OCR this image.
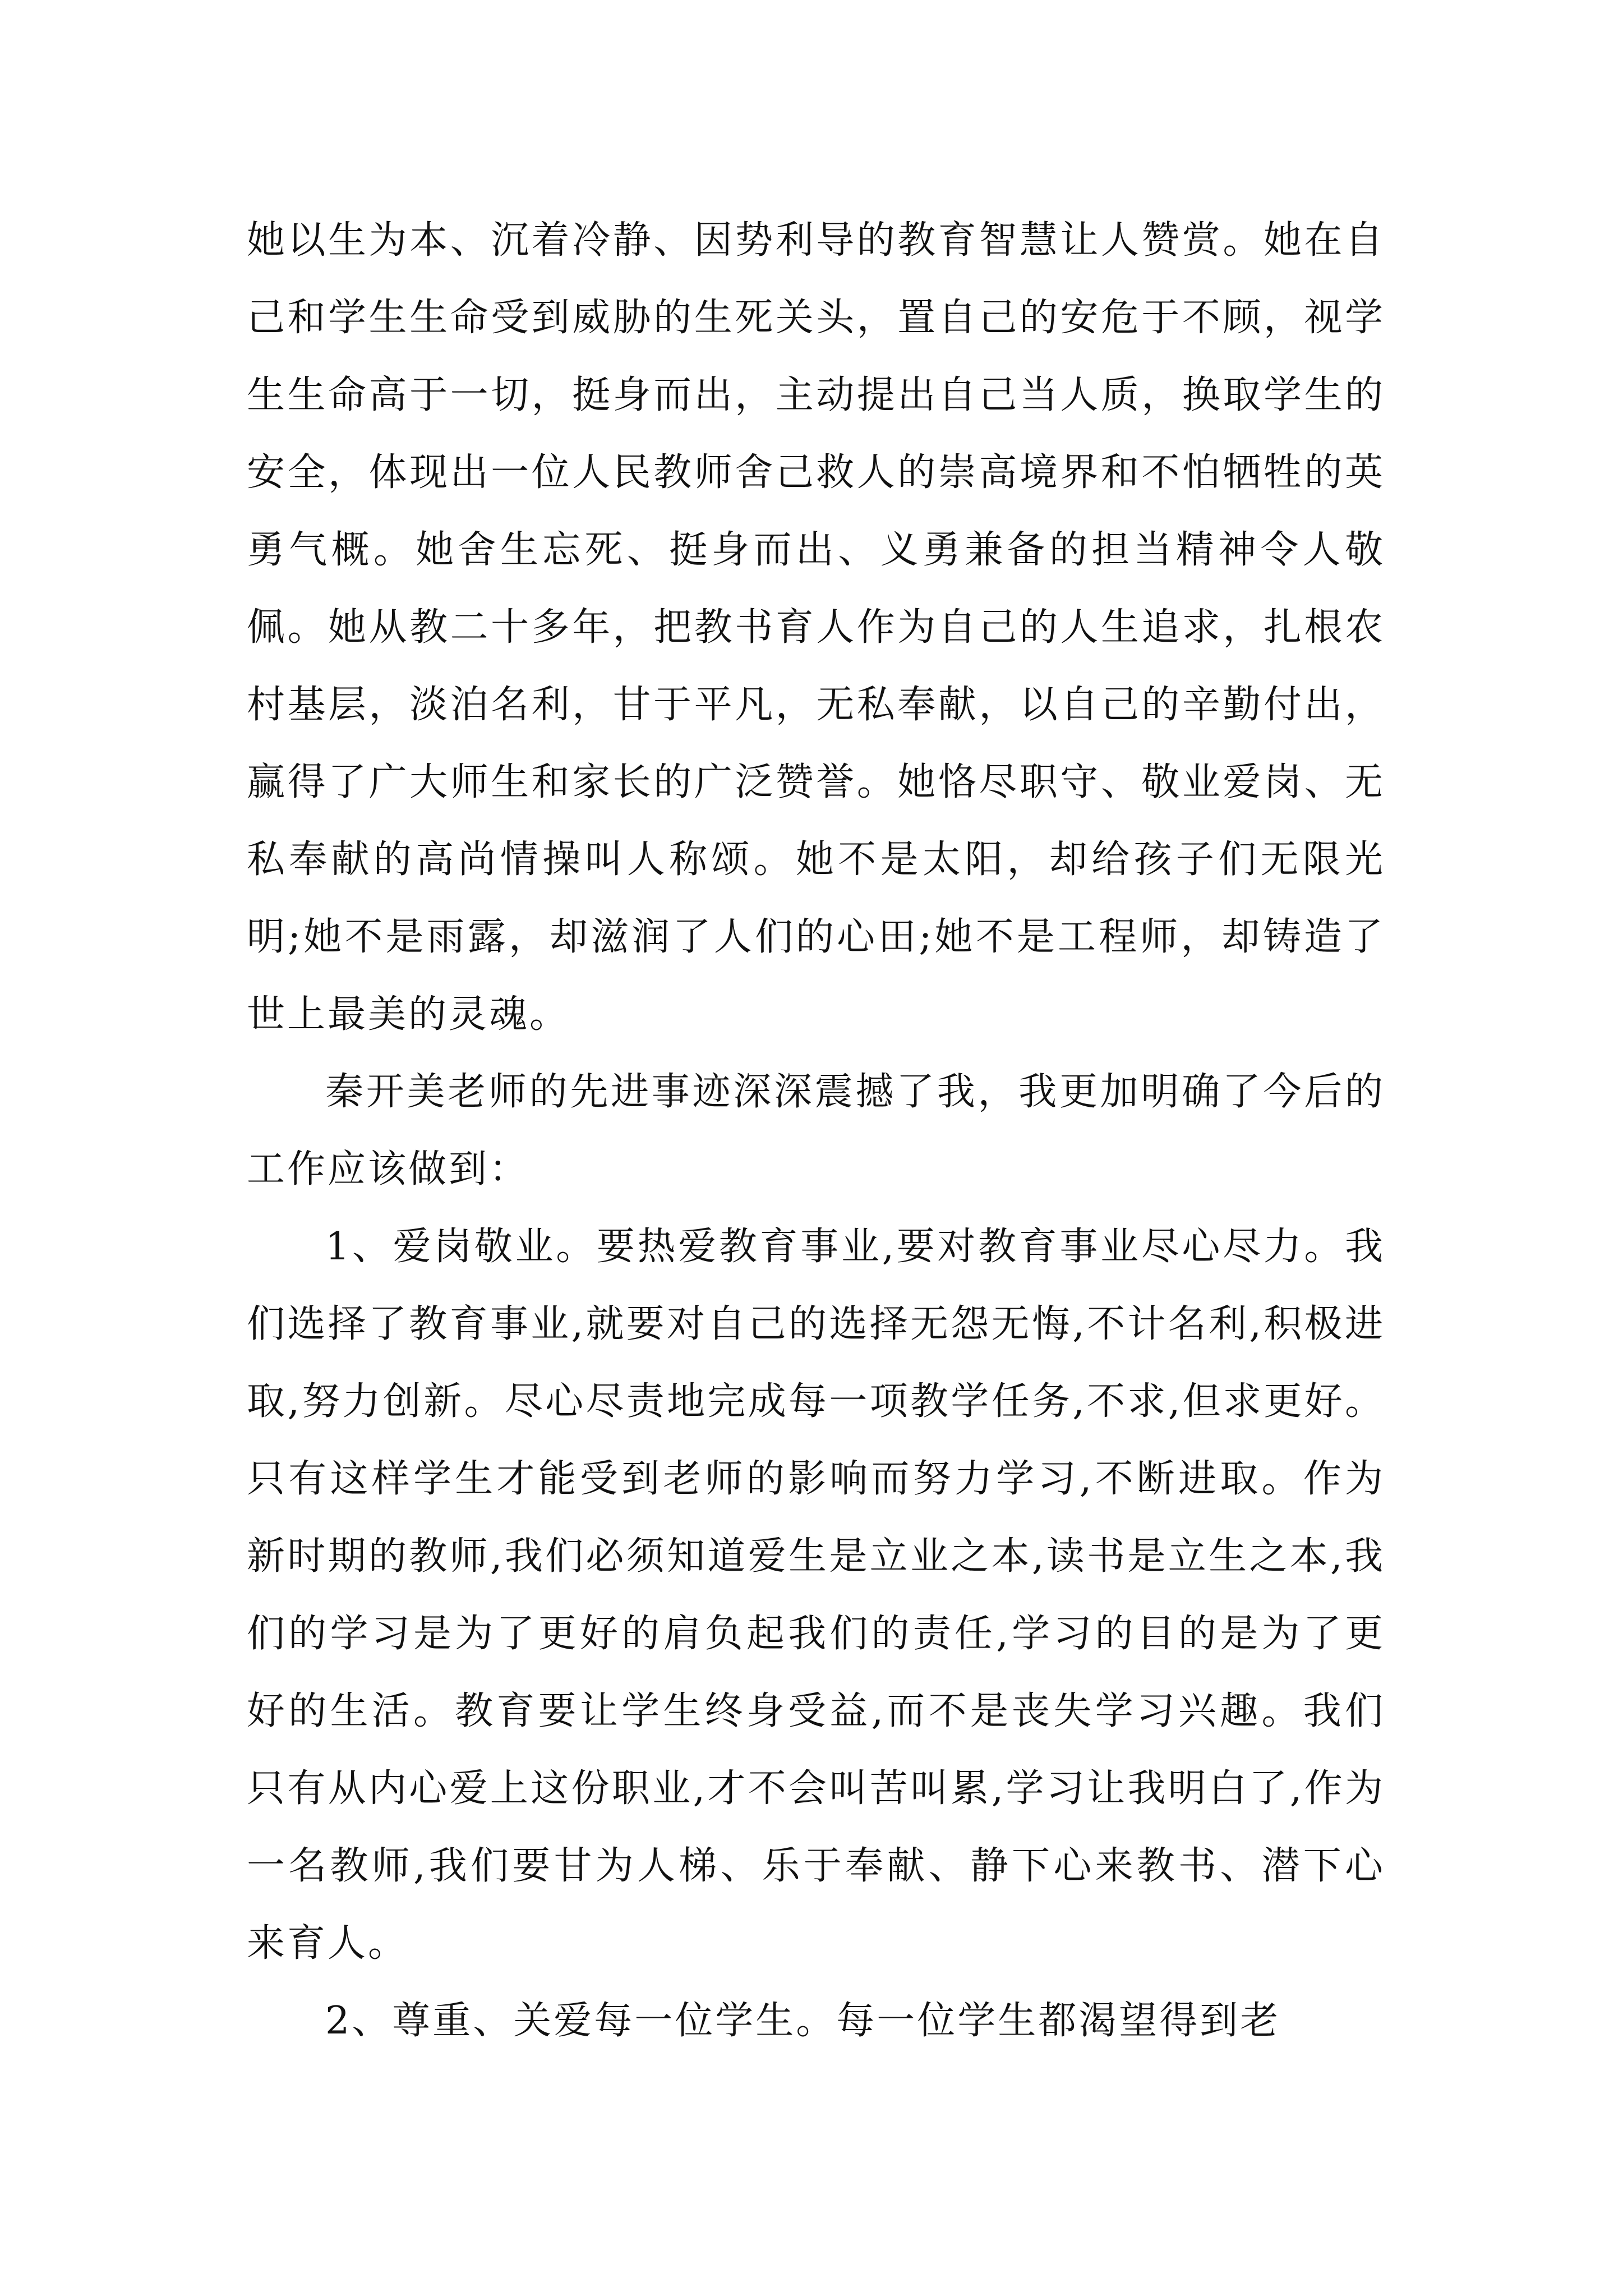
她以生为本、沉着冷静、因势利导的教育智慧让人赞赏。她在自己和学生生命受到威胁的生死关头，置自己的安危于不顾，视学生生命高于一切，挺身而出，主动提出自己当人质，换取学生的安全，体现出一位人民教师舍己救人的崇高境界和不怕牺牲的英勇气概。她舍生忘死、挺身而出、义勇兼备的担当精神令人敬佩。她从教二十多年，把教书育人作为自己的人生追求，扎根农村基层，淡泊名利，甘于平凡，无私奉献，以自己的辛勤付出，赢得了广大师生和家长的广泛赞誉。她恪尽职守、敬业爱岗、无私奉献的高尚情操叫人称颂。她不是太阳，却给孩子们无限光明;她不是雨露，却滋润了人们的心田;她不是工程师，却铸造了世上最美的灵魂。

秦开美老师的先进事迹深深震撼了我，我更加明确了今后的工作应该做到：

1、爱岗敬业。要热爱教育事业,要对教育事业尽心尽力。我们选择了教育事业,就要对自己的选择无怨无悔,不计名利,积极进取,努力创新。尽心尽责地完成每一项教学任务,不求,但求更好。只有这样学生才能受到老师的影响而努力学习,不断进取。作为新时期的教师,我们必须知道爱生是立业之本,读书是立生之本,我们的学习是为了更好的肩负起我们的责任,学习的目的是为了更好的生活。教育要让学生终身受益,而不是丧失学习兴趣。我们只有从内心爱上这份职业,才不会叫苦叫累,学习让我明白了,作为一名教师,我们要甘为人梯、乐于奉献、静下心来教书、潜下心来育人。

2、尊重、关爱每一位学生。每一位学生都渴望得到老
